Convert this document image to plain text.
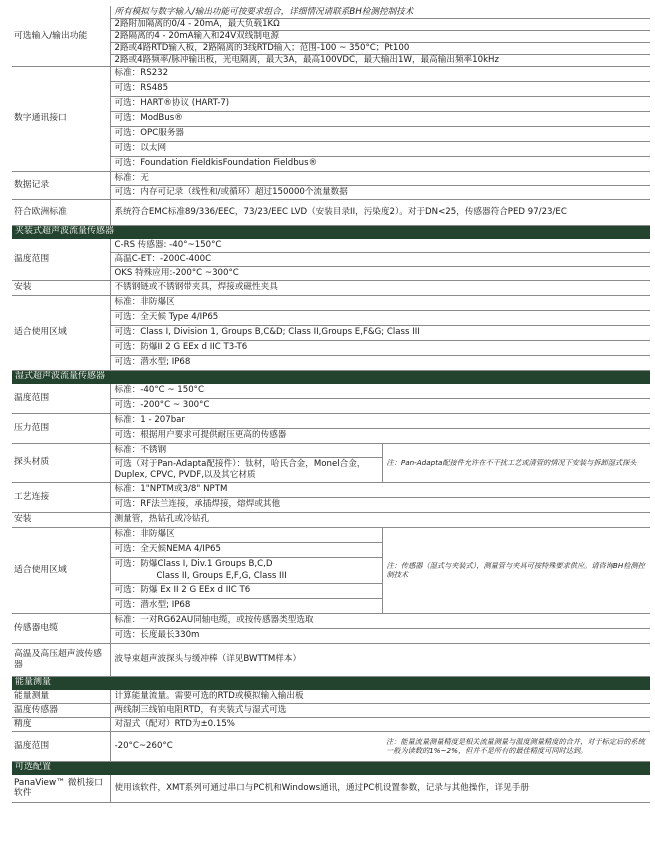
可选输入/输出功能	所有模拟与数字输入/输出功能可按要求组合，详细情况请联系BH检测控制技术	
	2路附加隔离的0/4 - 20mA，最大负载1KΩ	
	2路隔离的4 - 20mA输入和24V双线制电源	
	2路或4路RTD输入板，2路隔离的3线RTD输入；范围-100 ~ 350°C；Pt100	
	2路或4路频率/脉冲输出板，光电隔离，最大3A，最高100VDC，最大输出1W，最高输出频率10kHz	
数字通讯接口	标准：RS232	
	可选：RS485	
	可选：HART®协议 (HART-7)	
	可选：ModBus®	
	可选：OPC服务器	
	可选：以太网	
	可选：Foundation FieldkisFoundation Fieldbus®	
数据记录	标准：无	
	可选：内存可记录（线性和/或循环）超过150000个流量数据	
符合欧洲标准	系统符合EMC标准89/336/EEC，73/23/EEC LVD（安装目录II，污染度2）。对于DN<25，传感器符合PED 97/23/EC	
夹装式超声波流量传感器		
温度范围	C-RS 传感器: -40°~150°C	
	高温C-ET：-200C-400C	
	OKS 特殊应用:-200°C ~300°C	
安装	不锈钢链或不锈钢带夹具，焊接或磁性夹具	
适合使用区域	标准：非防爆区	
	可选：全天候 Type 4/IP65	
	可选：Class I, Division 1, Groups B,C&D; Class II,Groups E,F&G; Class III	
	可选：防爆II 2 G EEx d IIC T3-T6	
	可选：潜水型; IP68	
湿式超声波流量传感器		
温度范围	标准：-40°C ~ 150°C	
	可选：-200°C ~ 300°C	
压力范围	标准：1 - 207bar	
	可选：根据用户要求可提供耐压更高的传感器	
探头材质	标准：不锈钢	注：Pan-Adapta配接件允许在不干扰工艺或清管的情况下安装与拆卸湿式探头
	可选（对于Pan-Adapta配接件）：钛材，哈氏合金，Monel合金，Duplex, CPVC, PVDF,以及其它材质	
工艺连接	标准：1"NPTM或3/8" NPTM	
	可选：RF法兰连接，承插焊接，熔焊或其他	
安装	测量管，热钻孔或冷钻孔	
适合使用区域	标准：非防爆区	注：传感器（湿式与夹装式），测量管与夹具可按特殊要求供应。请咨询BH检测控制技术
	可选：全天候NEMA 4/IP65	
	可选：防爆Class I, Div.1 Groups B,C,D	
	Class II, Groups E,F,G, Class III	
	可选：防爆 Ex II 2 G EEx d IIC T6	
	可选：潜水型; IP68	
传感器电缆	标准：一对RG62AU同轴电缆，或按传感器类型选取	
	可选：长度最长330m	
高温及高压超声波传感器	波导束超声波探头与缓冲棒（详见BWTTM样本）	
能量测量		
能量测量	计算能量流量。需要可选的RTD或模拟输入输出板	
温度传感器	两线制三线铂电阻RTD，有夹装式与湿式可选	
精度	对湿式（配对）RTD为±0.15%	
温度范围	-20°C~260°C	注：能量流量测量精度是相关流量测量与温度测量精度的合并，对于标定后的系统一般为读数的1%~2%，但并不是所有的最佳精度可同时达到。
可选配置		
PanaView™ 微机接口软件	使用该软件，XMT系列可通过串口与PC机和Windows通讯，通过PC机设置参数，记录与其他操作，详见手册	
